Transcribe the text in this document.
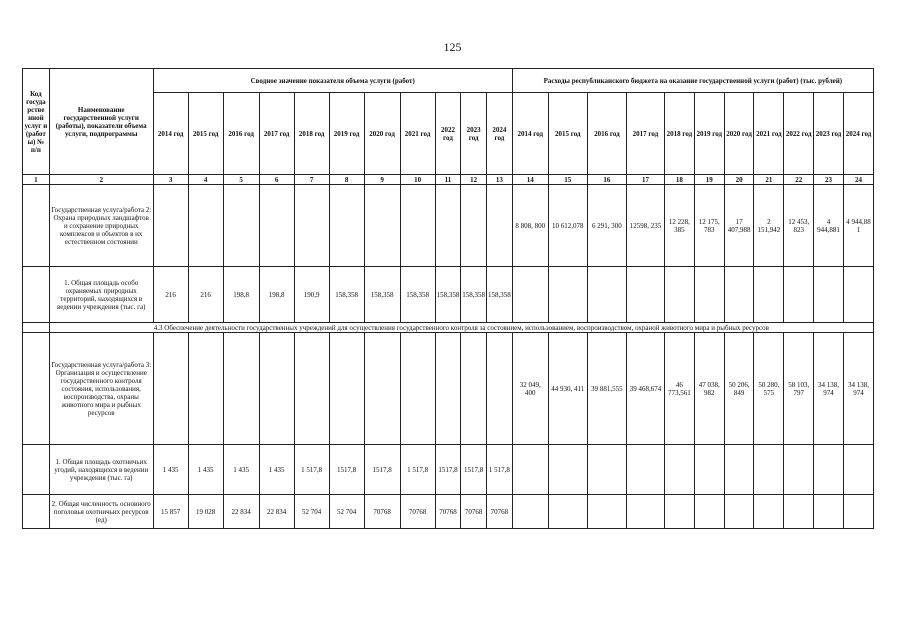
125
Код госуда рстве нной услуг и (работ ы) № п/п	Наименование государственной услуги (работы), показатели объема услуги, подпрограммы	Сводное значение показателя объема услуги (работ)											Расходы республиканского бюджета на оказание государственной услуги (работ) (тыс. рублей)										
		2014 год	2015 год	2016 год	2017 год	2018 год	2019 год	2020 год	2021 год	2022 год	2023 год	2024 год	2014 год	2015 год	2016 год	2017 год	2018 год	2019 год	2020 год	2021 год	2022 год	2023 год	2024 год
1	2	3	4	5	6	7	8	9	10	11	12	13	14	15	16	17	18	19	20	21	22	23	24
	Государственная услуга/работа 2: Охрана природных ландшафтов и сохранение природных комплексов и объектов в их естественном состоянии												8 808, 800	10 612,078	6 291, 300	12598, 235	12 228, 385	12 175, 783	17 407,988	2 151,942	12 453, 823	4 944,881	4 944,88 1
	1. Общая площадь особо охраняемых природных территорий, находящихся в ведении учреждения (тыс. га)	216	216	198,8	198,8	190,9	158,358	158,358	158,358	158,358	158,358	158,358											
	4.3 Обеспечение деятельности государственных учреждений для осуществления государственного контроля за состоянием, использованием, воспроизводством, охраной животного мира и рыбных ресурсов																						
	Государственная услуга/работа 3: Организация и осуществление государственного контроля состояния, использования, воспроизводства, охраны животного мира и рыбных ресурсов												32 049, 400	44 930, 411	39 881,555	39 468,674	46 773,561	47 038, 982	50 206, 849	50 280, 575	58 103, 797	34 138, 974	34 138, 974
	1. Общая площадь охотничьих угодий, находящихся в ведении учреждения (тыс. га)	1 435	1 435	1 435	1 435	1 517,8	1517,8	1517,8	1 517,8	1517,8	1517,8	1 517,8											
	2. Общая численность основного поголовья охотничьих ресурсов (ед)	15 857	19 028	22 834	22 834	52 704	52 704	70768	70768	70768	70768	70768											
